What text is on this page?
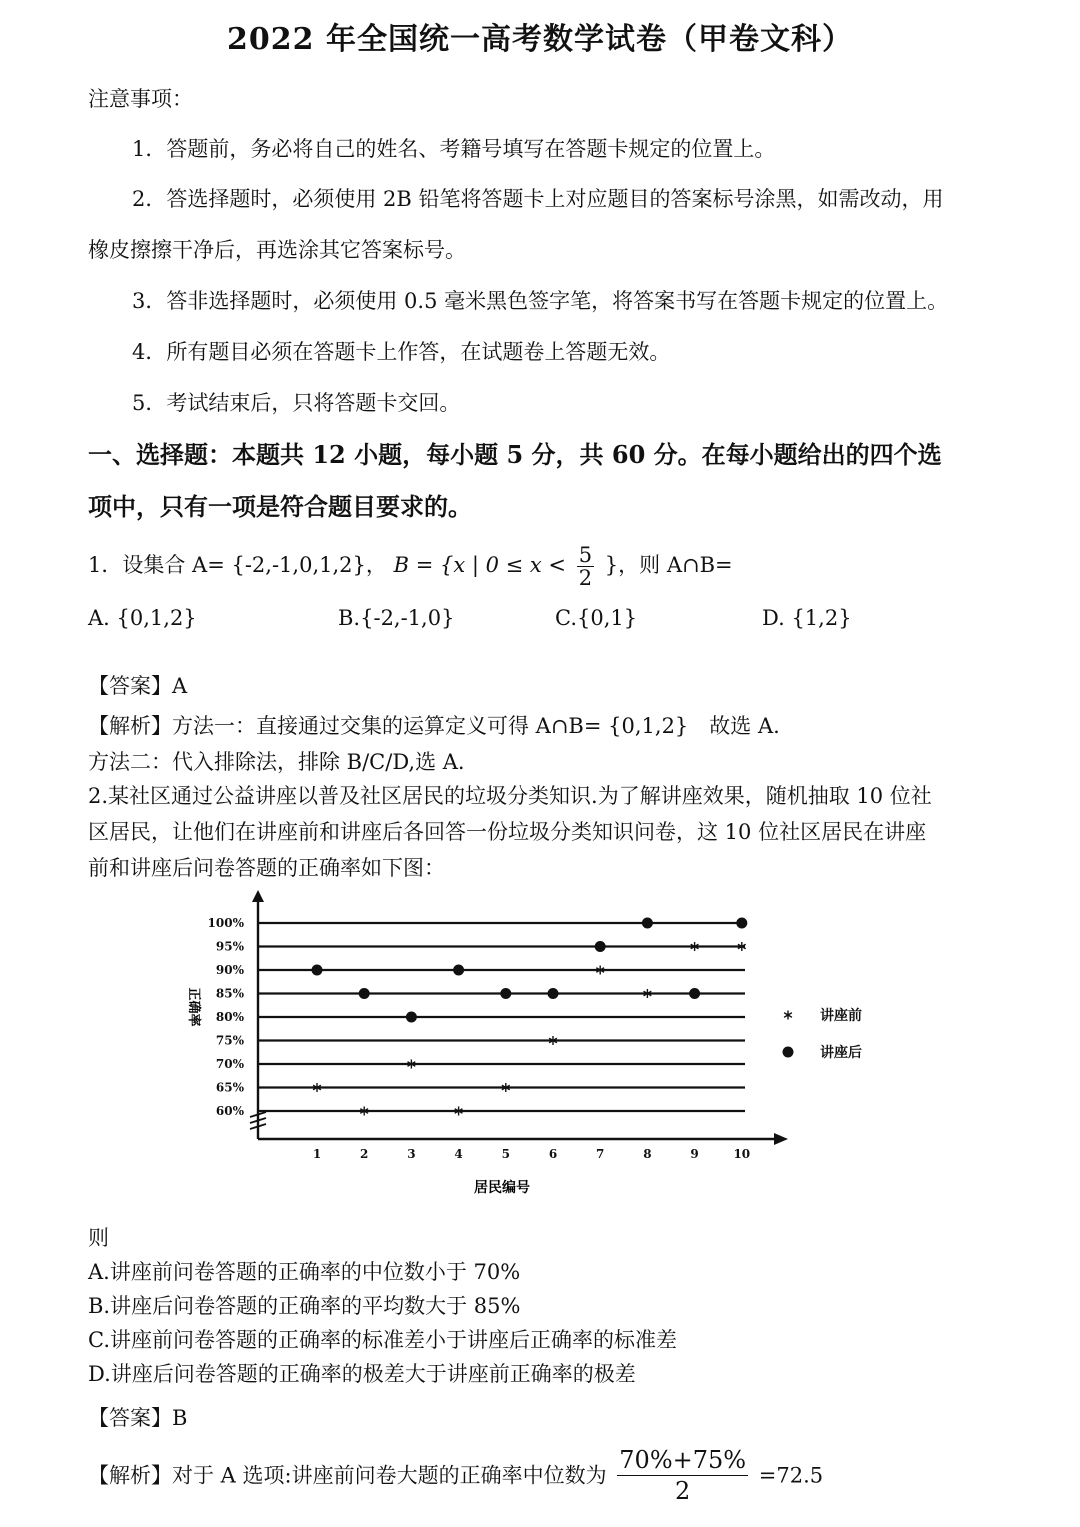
2022 年全国统一高考数学试卷（甲卷文科）
注意事项：
1．答题前，务必将自己的姓名、考籍号填写在答题卡规定的位置上。
2．答选择题时，必须使用 2B 铅笔将答题卡上对应题目的答案标号涂黑，如需改动，用
橡皮擦擦干净后，再选涂其它答案标号。
3．答非选择题时，必须使用 0.5 毫米黑色签字笔，将答案书写在答题卡规定的位置上。
4．所有题目必须在答题卡上作答，在试题卷上答题无效。
5．考试结束后，只将答题卡交回。
一、选择题：本题共 12 小题，每小题 5 分，共 60 分。在每小题给出的四个选
项中，只有一项是符合题目要求的。
1．设集合 A= {-2,-1,0,1,2}， B = {x | $0 \le x < \frac{5}{2}$ }，则 A∩B=
A. {0,1,2}	B.{-2,-1,0}	C.{0,1}	D. {1,2}
【答案】A
【解析】方法一：直接通过交集的运算定义可得 A∩B= {0,1,2}　故选 A.
方法二：代入排除法，排除 B/C/D,选 A.
2.某社区通过公益讲座以普及社区居民的垃圾分类知识.为了解讲座效果，随机抽取 10 位社
区居民，让他们在讲座前和讲座后各回答一份垃圾分类知识问卷，这 10 位社区居民在讲座
前和讲座后问卷答题的正确率如下图：
60%
65%
70%
75%
80%
85%
90%
95%
100%
1	2	3	4	5	6	7	8	9	10
讲座前
讲座后
正确率
居民编号
则
A.讲座前问卷答题的正确率的中位数小于 70%
B.讲座后问卷答题的正确率的平均数大于 85%
C.讲座前问卷答题的正确率的标准差小于讲座后正确率的标准差
D.讲座后问卷答题的正确率的极差大于讲座前正确率的极差
【答案】B
【解析】对于 A 选项:讲座前问卷大题的正确率中位数为 $\frac{70\%+75\%}{2} =72.5$
